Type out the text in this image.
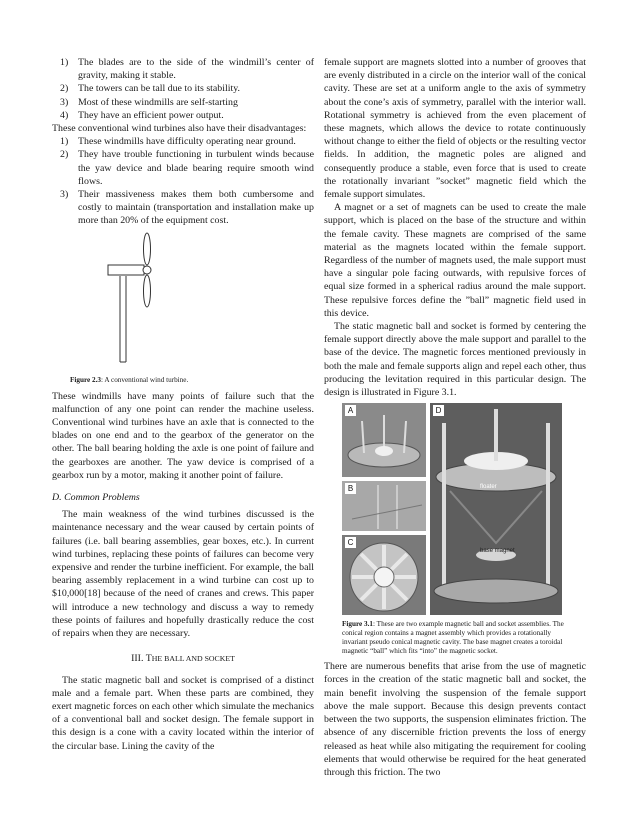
1) The blades are to the side of the windmill’s center of gravity, making it stable.
2) The towers can be tall due to its stability.
3) Most of these windmills are self-starting
4) They have an efficient power output.

These conventional wind turbines also have their disadvantages:

1) These windmills have difficulty operating near ground.
2) They have trouble functioning in turbulent winds because the yaw device and blade bearing require smooth wind flows.
3) Their massiveness makes them both cumbersome and costly to maintain (transportation and installation make up more than 20% of the equipment cost.

Figure 2.3: A conventional wind turbine.

These windmills have many points of failure such that the malfunction of any one point can render the machine useless. Conventional wind turbines have an axle that is connected to the blades on one end and to the gearbox of the generator on the other. The ball bearing holding the axle is one point of failure and the gearboxes are another. The yaw device is comprised of a gearbox run by a motor, making it another point of failure.

D. Common Problems

The main weakness of the wind turbines discussed is the maintenance necessary and the wear caused by certain points of failures (i.e. ball bearing assemblies, gear boxes, etc.). In current wind turbines, replacing these points of failures can become very expensive and render the turbine inefficient. For example, the ball bearing assembly replacement in a wind turbine can cost up to $10,000[18] because of the need of cranes and crews. This paper will introduce a new technology and discuss a way to remedy these points of failures and hopefully drastically reduce the cost of repairs when they are necessary.

III. THE BALL AND SOCKET

The static magnetic ball and socket is comprised of a distinct male and a female part. When these parts are combined, they exert magnetic forces on each other which simulate the mechanics of a conventional ball and socket design. The female support in this design is a cone with a cavity located within the interior of the circular base. Lining the cavity of the

female support are magnets slotted into a number of grooves that are evenly distributed in a circle on the interior wall of the conical cavity. These are set at a uniform angle to the axis of symmetry about the cone’s axis of symmetry, parallel with the interior wall. Rotational symmetry is achieved from the even placement of these magnets, which allows the device to rotate continuously without change to either the field of objects or the resulting vector fields. In addition, the magnetic poles are aligned and consequently produce a stable, even force that is used to create the rotationally invariant ”socket” magnetic field which the female support simulates.

A magnet or a set of magnets can be used to create the male support, which is placed on the base of the structure and within the female cavity. These magnets are comprised of the same material as the magnets located within the female support. Regardless of the number of magnets used, the male support must have a singular pole facing outwards, with repulsive forces of equal size formed in a spherical radius around the male support. These repulsive forces define the ”ball” magnetic field used in this device.

The static magnetic ball and socket is formed by centering the female support directly above the male support and parallel to the base of the device. The magnetic forces mentioned previously in both the male and female supports align and repel each other, thus producing the levitation required in this particular design. The design is illustrated in Figure 3.1.

A
B
C
D
floater
base magnet

Figure 3.1: These are two example magnetic ball and socket assemblies. The conical region contains a magnet assembly which provides a rotationally invariant pseudo conical magnetic cavity. The base magnet creates a toroidal magnetic “ball” which fits “into” the magnetic socket.

There are numerous benefits that arise from the use of magnetic forces in the creation of the static magnetic ball and socket, the main benefit involving the suspension of the female support above the male support. Because this design prevents contact between the two supports, the suspension eliminates friction. The absence of any discernible friction prevents the loss of energy released as heat while also mitigating the requirement for cooling elements that would otherwise be required for the heat generated through this friction. The two
